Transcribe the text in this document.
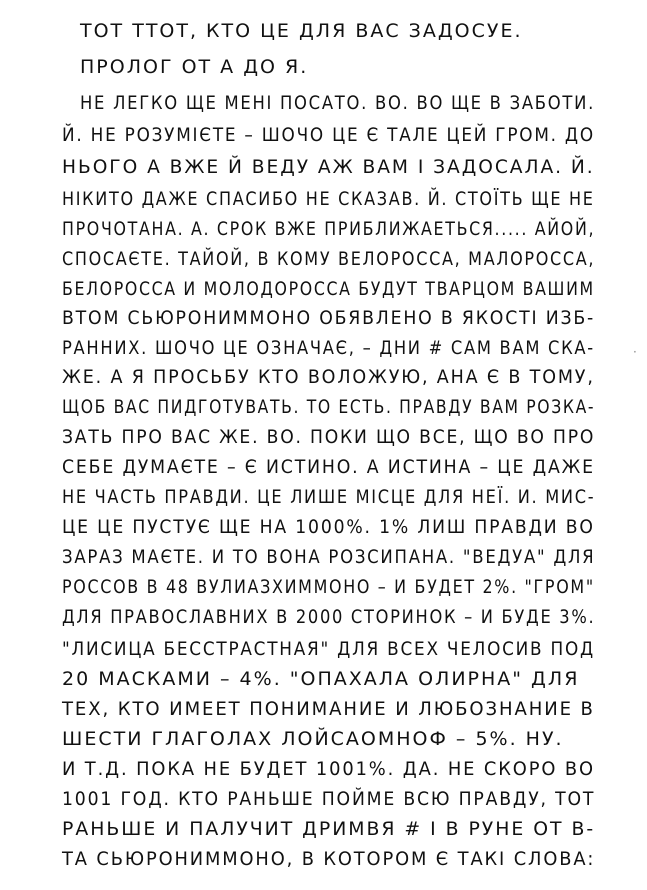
ТОТ ТТОТ, КТО ЦЕ ДЛЯ ВАС ЗАДОСУЕ.
ПРОЛОГ ОТ А ДО Я.
НЕ ЛЕГКО ЩЕ МЕНІ ПОСАТО. ВО. ВО ЩЕ В ЗАБОТИ.
Й. НЕ РОЗУМІЄТЕ – ШОЧО ЦЕ Є ТАЛЕ ЦЕЙ ГРОМ. ДО
НЬОГО А ВЖЕ Й ВЕДУ АЖ ВАМ І ЗАДОСАЛА. Й.
НІКИТО ДАЖЕ СПАСИБО НЕ СКАЗАВ. Й. СТОЇТЬ ЩЕ НЕ
ПРОЧОТАНА. А. СРОК ВЖЕ ПРИБЛИЖАЕТЬСЯ..... АЙОЙ,
СПОСАЄТЕ. ТАЙОЙ, В КОМУ ВЕЛОРОССА, МАЛОРОССА,
БЕЛОРОССА И МОЛОДОРОССА БУДУТ ТВАРЦОМ ВАШИМ
ВТОМ СЬЮРОНИММОНО ОБЯВЛЕНО В ЯКОСТІ ИЗБ-
РАННИХ. ШОЧО ЦЕ ОЗНАЧАЄ, – ДНИ # САМ ВАМ СКА-
ЖЕ. А Я ПРОСЬБУ КТО ВОЛОЖУЮ, АНА Є В ТОМУ,
ЩОБ ВАС ПИДГОТУВАТЬ. ТО ЕСТЬ. ПРАВДУ ВАМ РОЗКА-
ЗАТЬ ПРО ВАС ЖЕ. ВО. ПОКИ ЩО ВСЕ, ЩО ВО ПРО
СЕБЕ ДУМАЄТЕ – Є ИСТИНО. А ИСТИНА – ЦЕ ДАЖЕ
НЕ ЧАСТЬ ПРАВДИ. ЦЕ ЛИШЕ МІСЦЕ ДЛЯ НЕЇ. И. МИС-
ЦЕ ЦЕ ПУСТУЄ ЩЕ НА 1000%. 1% ЛИШ ПРАВДИ ВО
ЗАРАЗ МАЄТЕ. И ТО ВОНА РОЗСИПАНА. "ВЕДУА" ДЛЯ
РОССОВ В 48 ВУЛИАЗХИММОНО – И БУДЕТ 2%. "ГРОМ"
ДЛЯ ПРАВОСЛАВНИХ В 2000 СТОРИНОК – И БУДЕ 3%.
"ЛИСИЦА БЕССТРАСТНАЯ" ДЛЯ ВСЕХ ЧЕЛОСИВ ПОД
20 МАСКАМИ – 4%. "ОПАХАЛА ОЛИРНА" ДЛЯ
ТЕХ, КТО ИМЕЕТ ПОНИМАНИЕ И ЛЮБОЗНАНИЕ В
ШЕСТИ ГЛАГОЛАХ ЛОЙСАОМНОФ – 5%. НУ.
И Т.Д. ПОКА НЕ БУДЕТ 1001%. ДА. НЕ СКОРО ВО
1001 ГОД. КТО РАНЬШЕ ПОЙМЕ ВСЮ ПРАВДУ, ТОТ
РАНЬШЕ И ПАЛУЧИТ ДРИМВЯ # I В РУНЕ ОТ В-
ТА СЬЮРОНИММОНО, В КОТОРОМ Є ТАКІ СЛОВА:
·
